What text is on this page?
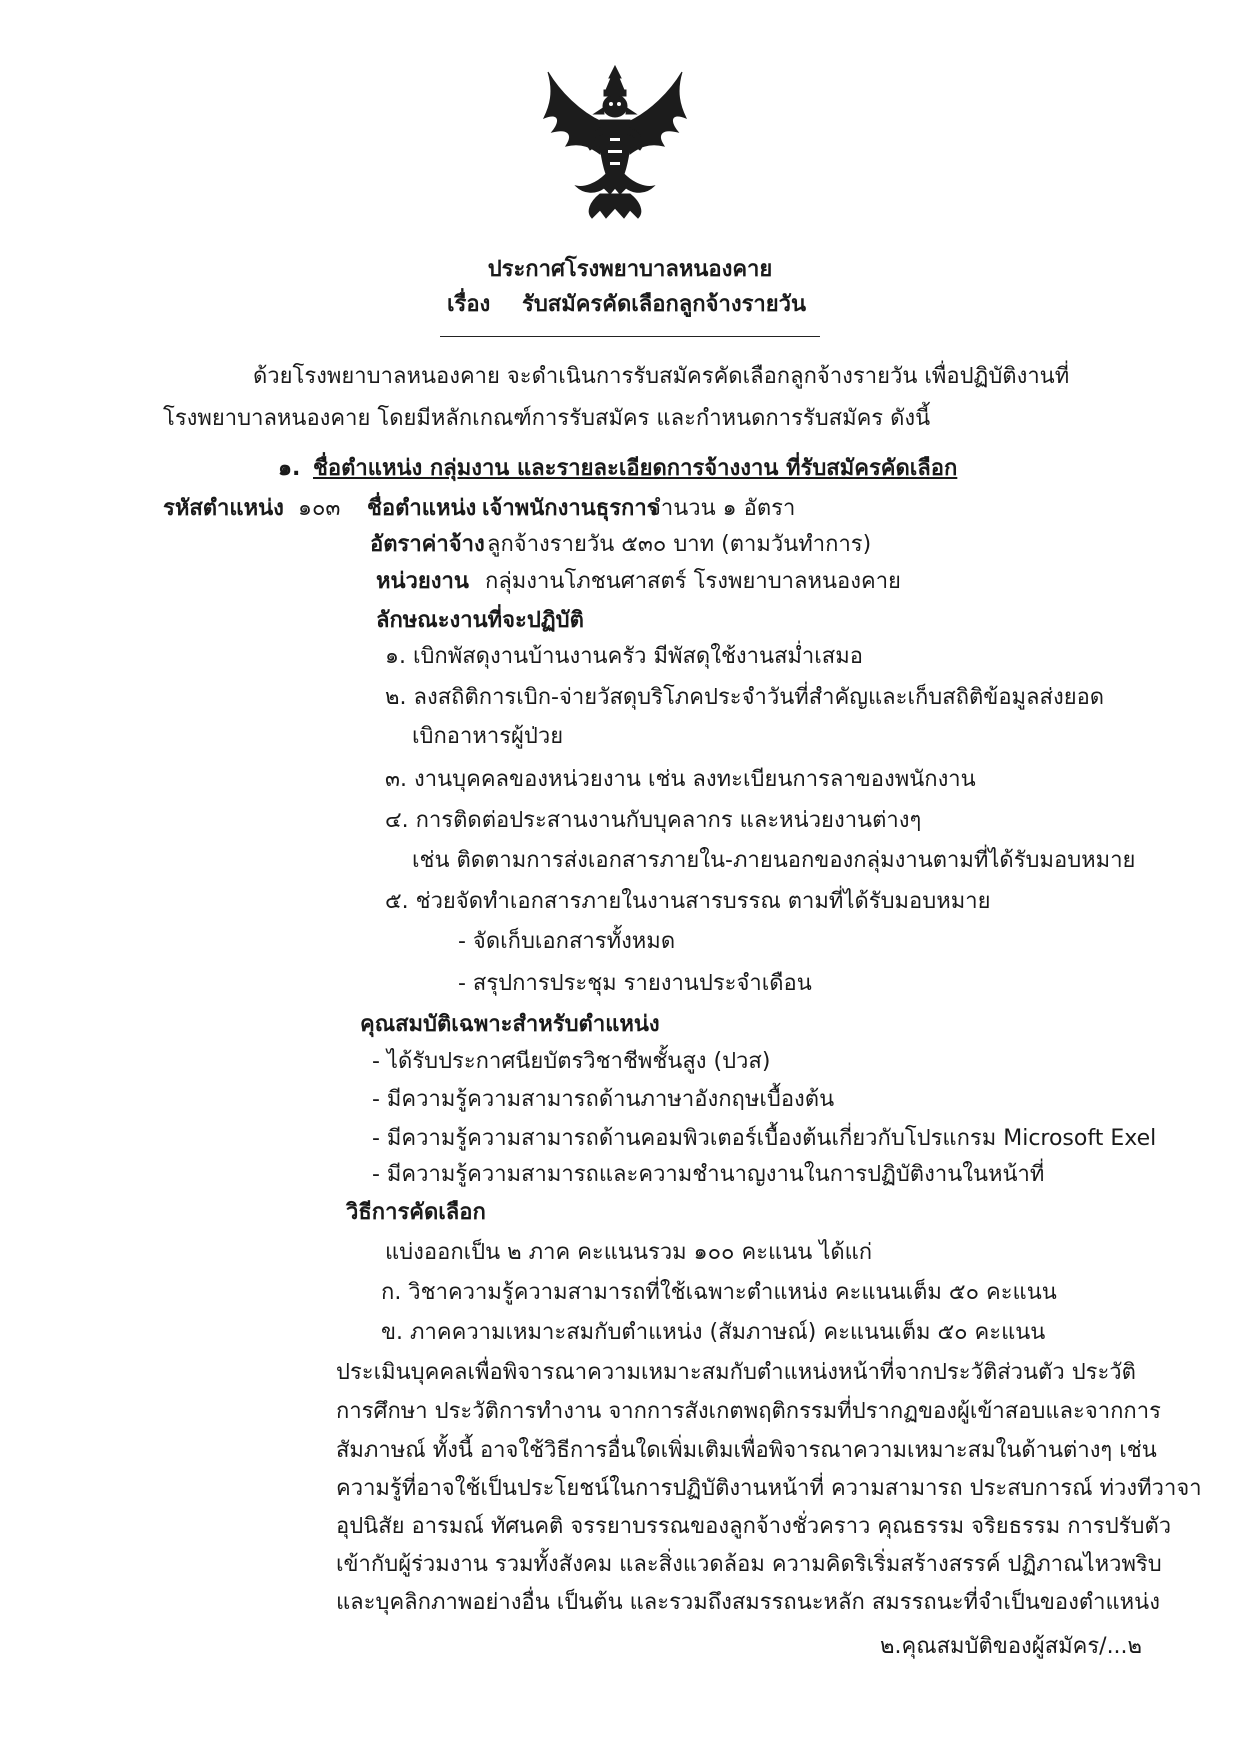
ประกาศโรงพยาบาลหนองคาย
เรื่อง รับสมัครคัดเลือกลูกจ้างรายวัน
ด้วยโรงพยาบาลหนองคาย จะดำเนินการรับสมัครคัดเลือกลูกจ้างรายวัน เพื่อปฏิบัติงานที่
โรงพยาบาลหนองคาย โดยมีหลักเกณฑ์การรับสมัคร และกำหนดการรับสมัคร ดังนี้
๑. ชื่อตำแหน่ง กลุ่มงาน และรายละเอียดการจ้างงาน ที่รับสมัครคัดเลือก
รหัสตำแหน่ง ๑๐๓ ชื่อตำแหน่ง เจ้าพนักงานธุรการ
จำนวน ๑ อัตรา
อัตราค่าจ้าง ลูกจ้างรายวัน ๕๓๐ บาท (ตามวันทำการ)
หน่วยงาน กลุ่มงานโภชนศาสตร์ โรงพยาบาลหนองคาย
ลักษณะงานที่จะปฏิบัติ
๑. เบิกพัสดุงานบ้านงานครัว มีพัสดุใช้งานสม่ำเสมอ
๒. ลงสถิติการเบิก-จ่ายวัสดุบริโภคประจำวันที่สำคัญและเก็บสถิติข้อมูลส่งยอด
เบิกอาหารผู้ป่วย
๓. งานบุคคลของหน่วยงาน เช่น ลงทะเบียนการลาของพนักงาน
๔. การติดต่อประสานงานกับบุคลากร และหน่วยงานต่างๆ
เช่น ติดตามการส่งเอกสารภายใน-ภายนอกของกลุ่มงานตามที่ได้รับมอบหมาย
๕. ช่วยจัดทำเอกสารภายในงานสารบรรณ ตามที่ได้รับมอบหมาย
- จัดเก็บเอกสารทั้งหมด
- สรุปการประชุม รายงานประจำเดือน
คุณสมบัติเฉพาะสำหรับตำแหน่ง
- ได้รับประกาศนียบัตรวิชาชีพชั้นสูง (ปวส)
- มีความรู้ความสามารถด้านภาษาอังกฤษเบื้องต้น
- มีความรู้ความสามารถด้านคอมพิวเตอร์เบื้องต้นเกี่ยวกับโปรแกรม Microsoft Exel
- มีความรู้ความสามารถและความชำนาญงานในการปฏิบัติงานในหน้าที่
วิธีการคัดเลือก
แบ่งออกเป็น ๒ ภาค คะแนนรวม ๑๐๐ คะแนน ได้แก่
ก. วิชาความรู้ความสามารถที่ใช้เฉพาะตำแหน่ง คะแนนเต็ม ๕๐ คะแนน
ข. ภาคความเหมาะสมกับตำแหน่ง (สัมภาษณ์) คะแนนเต็ม ๕๐ คะแนน
ประเมินบุคคลเพื่อพิจารณาความเหมาะสมกับตำแหน่งหน้าที่จากประวัติส่วนตัว ประวัติ
การศึกษา ประวัติการทำงาน จากการสังเกตพฤติกรรมที่ปรากฏของผู้เข้าสอบและจากการ
สัมภาษณ์ ทั้งนี้ อาจใช้วิธีการอื่นใดเพิ่มเติมเพื่อพิจารณาความเหมาะสมในด้านต่างๆ เช่น
ความรู้ที่อาจใช้เป็นประโยชน์ในการปฏิบัติงานหน้าที่ ความสามารถ ประสบการณ์ ท่วงทีวาจา
อุปนิสัย อารมณ์ ทัศนคติ จรรยาบรรณของลูกจ้างชั่วคราว คุณธรรม จริยธรรม การปรับตัว
เข้ากับผู้ร่วมงาน รวมทั้งสังคม และสิ่งแวดล้อม ความคิดริเริ่มสร้างสรรค์ ปฏิภาณไหวพริบ
และบุคลิกภาพอย่างอื่น เป็นต้น และรวมถึงสมรรถนะหลัก สมรรถนะที่จำเป็นของตำแหน่ง
๒.คุณสมบัติของผู้สมัคร/...๒
